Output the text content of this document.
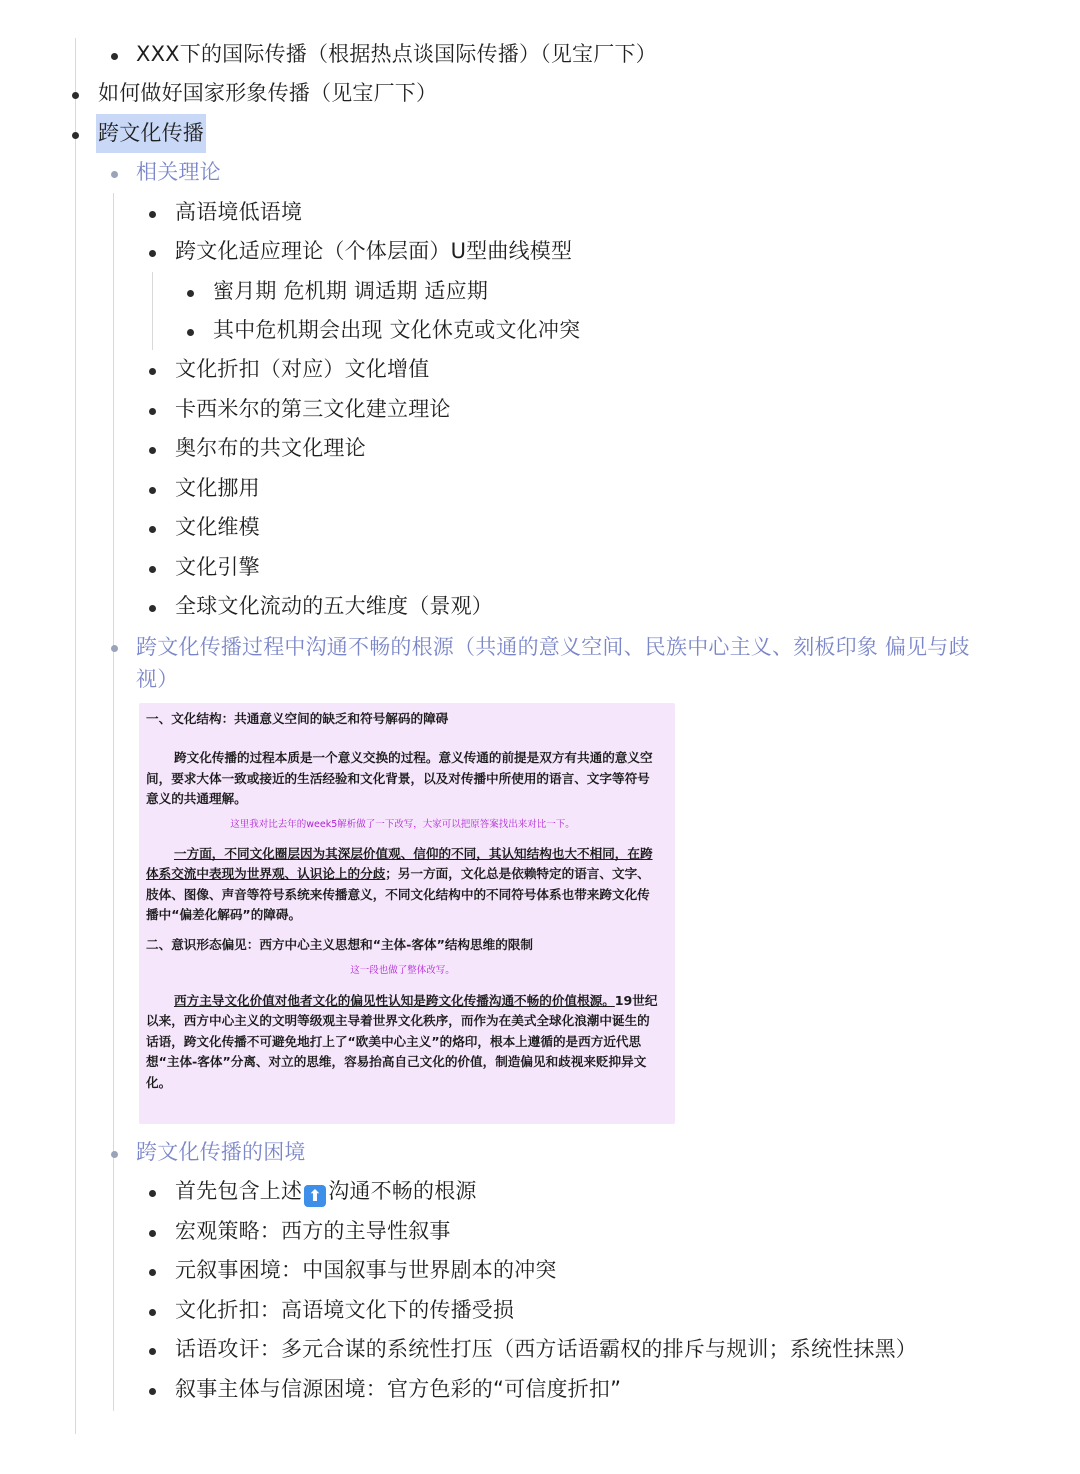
XXX下的国际传播（根据热点谈国际传播）（见宝厂下）
如何做好国家形象传播（见宝厂下）
跨文化传播
相关理论
高语境低语境
跨文化适应理论（个体层面）U型曲线模型
蜜月期 危机期 调适期 适应期
其中危机期会出现 文化休克或文化冲突
文化折扣（对应）文化增值
卡西米尔的第三文化建立理论
奥尔布的共文化理论
文化挪用
文化维模
文化引擎
全球文化流动的五大维度（景观）
跨文化传播过程中沟通不畅的根源（共通的意义空间、民族中心主义、刻板印象 偏见与歧视）

一、文化结构：共通意义空间的缺乏和符号解码的障碍

跨文化传播的过程本质是一个意义交换的过程。意义传通的前提是双方有共通的意义空间，要求大体一致或接近的生活经验和文化背景，以及对传播中所使用的语言、文字等符号意义的共通理解。

这里我对比去年的week5解析做了一下改写，大家可以把原答案找出来对比一下。

一方面，不同文化圈层因为其深层价值观、信仰的不同，其认知结构也大不相同，在跨体系交流中表现为世界观、认识论上的分歧；另一方面，文化总是依赖特定的语言、文字、肢体、图像、声音等符号系统来传播意义，不同文化结构中的不同符号体系也带来跨文化传播中“偏差化解码”的障碍。

二、意识形态偏见：西方中心主义思想和“主体-客体”结构思维的限制

这一段也做了整体改写。

西方主导文化价值对他者文化的偏见性认知是跨文化传播沟通不畅的价值根源。19世纪以来，西方中心主义的文明等级观主导着世界文化秩序，而作为在美式全球化浪潮中诞生的话语，跨文化传播不可避免地打上了“欧美中心主义”的烙印，根本上遵循的是西方近代思想“主体-客体”分离、对立的思维，容易抬高自己文化的价值，制造偏见和歧视来贬抑异文化。

跨文化传播的困境
首先包含上述 ⬆ 沟通不畅的根源
宏观策略：西方的主导性叙事
元叙事困境：中国叙事与世界剧本的冲突
文化折扣：高语境文化下的传播受损
话语攻讦：多元合谋的系统性打压（西方话语霸权的排斥与规训；系统性抹黑）
叙事主体与信源困境：官方色彩的“可信度折扣”
